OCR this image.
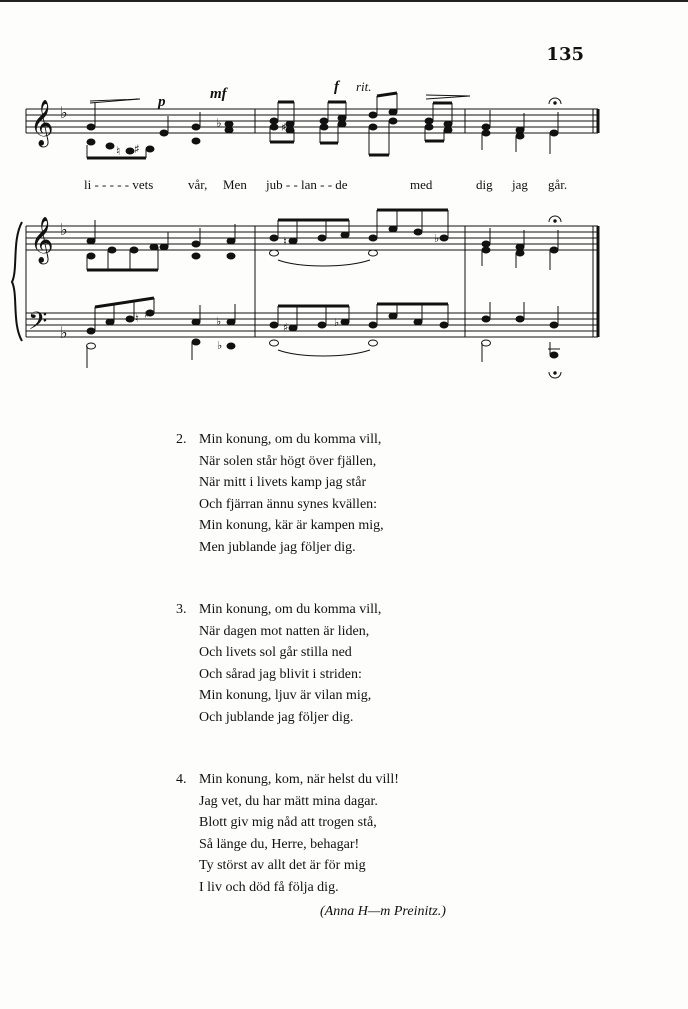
135
𝄞
𝄞
𝄢
♭
♭
♭
p	mf	f rit.
♮ ♯
♭	♯
li - - - - - vets	vår, Men jub - - lan - - de	med	dig jag går.
♮	♭
♮ ♯
♭
♭
♯	♭
2. Min konung, om du komma vill,
När solen står högt över fjällen,
När mitt i livets kamp jag står
Och fjärran ännu synes kvällen:
Min konung, kär är kampen mig,
Men jublande jag följer dig.
3. Min konung, om du komma vill,
När dagen mot natten är liden,
Och livets sol går stilla ned
Och sårad jag blivit i striden:
Min konung, ljuv är vilan mig,
Och jublande jag följer dig.
4. Min konung, kom, när helst du vill!
Jag vet, du har mätt mina dagar.
Blott giv mig nåd att trogen stå,
Så länge du, Herre, behagar!
Ty störst av allt det är för mig
I liv och död få följa dig.
(Anna H—m Preinitz.)
